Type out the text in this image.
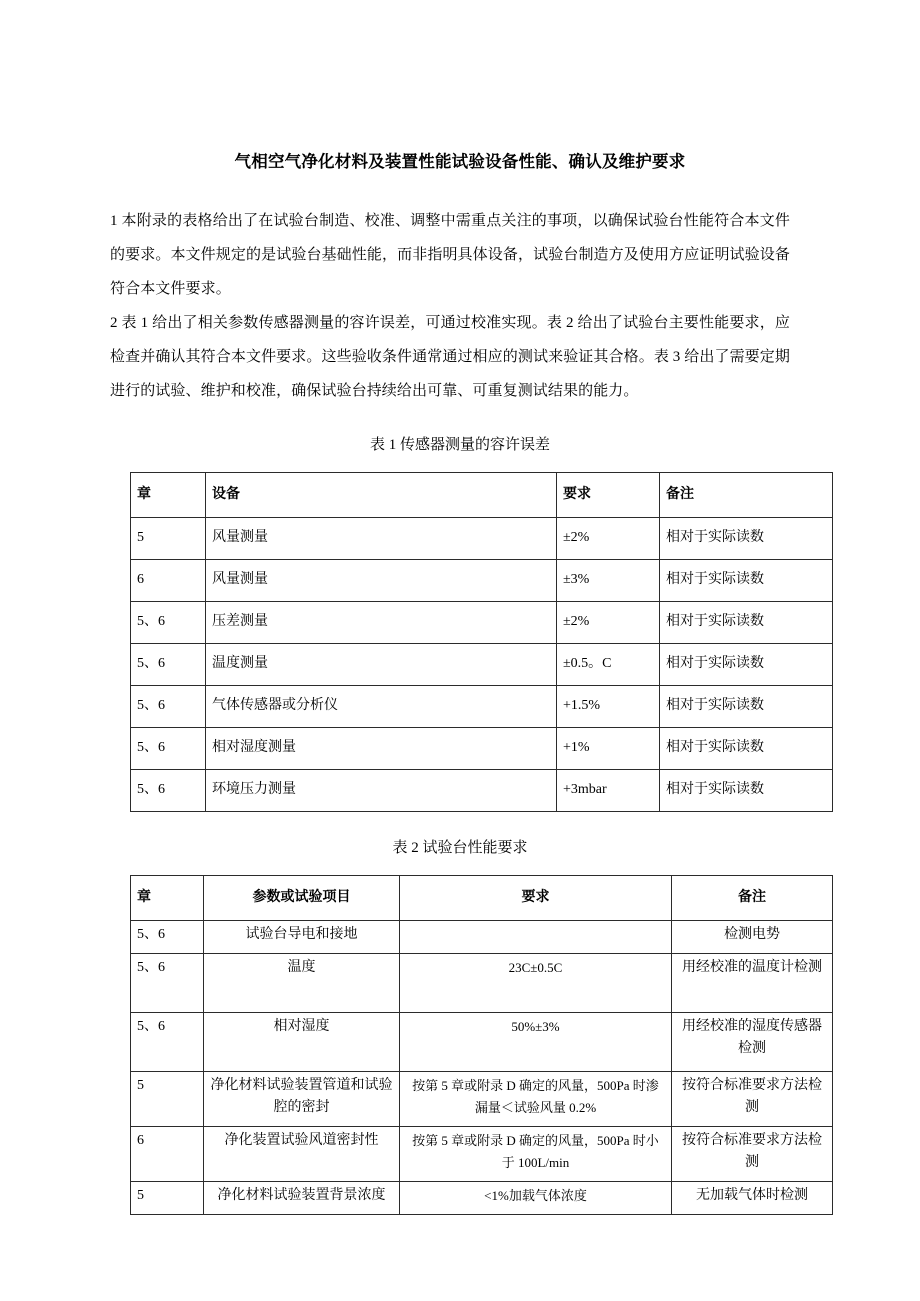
气相空气净化材料及装置性能试验设备性能、确认及维护要求

1 本附录的表格给出了在试验台制造、校准、调整中需重点关注的事项，以确保试验台性能符合本文件的要求。本文件规定的是试验台基础性能，而非指明具体设备，试验台制造方及使用方应证明试验设备符合本文件要求。

2 表 1 给出了相关参数传感器测量的容许误差，可通过校准实现。表 2 给出了试验台主要性能要求，应检查并确认其符合本文件要求。这些验收条件通常通过相应的测试来验证其合格。表 3 给出了需要定期进行的试验、维护和校准，确保试验台持续给出可靠、可重复测试结果的能力。

表 1 传感器测量的容许误差
章	设备	要求	备注
5	风量测量	±2%	相对于实际读数
6	风量测量	±3%	相对于实际读数
5、6	压差测量	±2%	相对于实际读数
5、6	温度测量	±0.5。C	相对于实际读数
5、6	气体传感器或分析仪	+1.5%	相对于实际读数
5、6	相对湿度测量	+1%	相对于实际读数
5、6	环境压力测量	+3mbar	相对于实际读数
表 2 试验台性能要求
章	参数或试验项目	要求	备注
5、6	试验台导电和接地		检测电势
5、6	温度	23C±0.5C	用经校准的温度计检测
5、6	相对湿度	50%±3%	用经校准的湿度传感器检测
5	净化材料试验装置管道和试验腔的密封	按第 5 章或附录 D 确定的风量，500Pa 时渗漏量＜试验风量 0.2%	按符合标准要求方法检测
6	净化装置试验风道密封性	按第 5 章或附录 D 确定的风量，500Pa 时小于 100L/min	按符合标准要求方法检测
5	净化材料试验装置背景浓度	<1%加载气体浓度	无加载气体时检测
